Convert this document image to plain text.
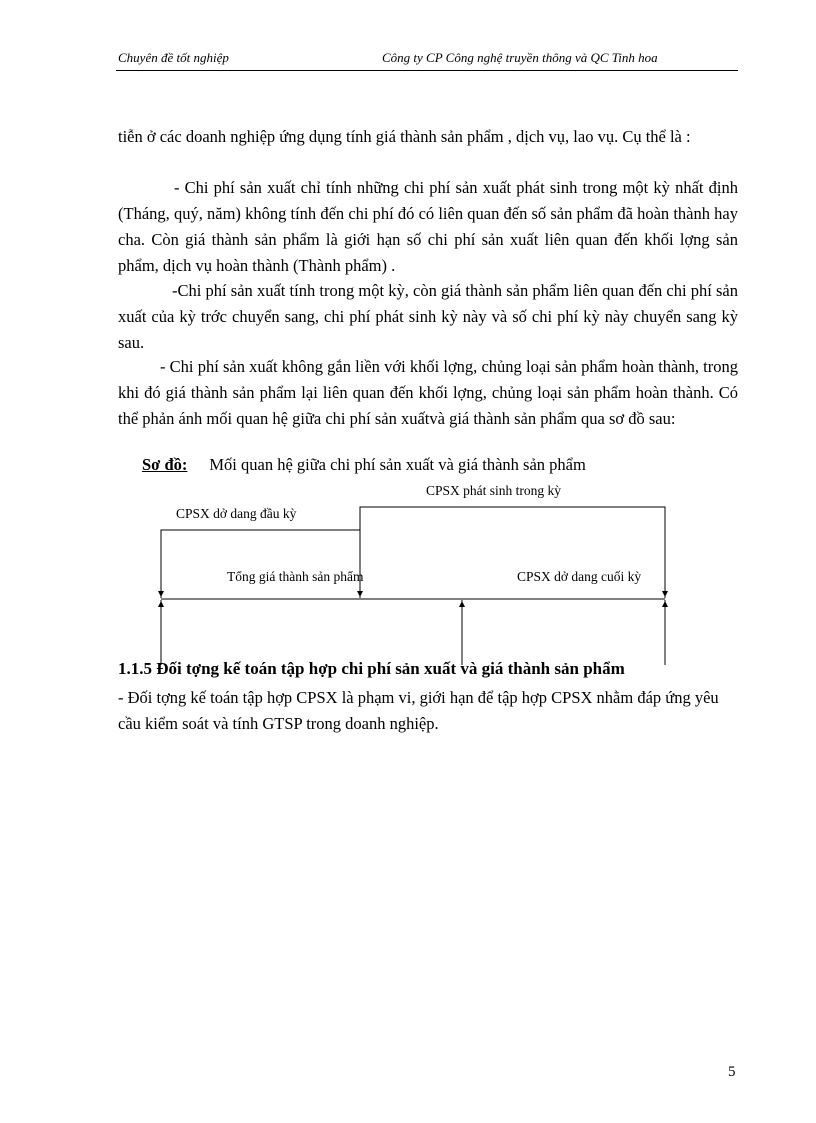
Chuyên đề tốt nghiệp	Công ty CP Công nghệ truyền thông và QC Tinh hoa

tiễn ở các doanh nghiệp ứng dụng tính giá thành sản phẩm , dịch vụ, lao vụ. Cụ thể là :

- Chi phí sản xuất chỉ tính những chi phí sản xuất phát sinh trong một kỳ nhất định (Tháng, quý, năm) không tính đến chi phí đó có liên quan đến số sản phẩm đã hoàn thành hay cha. Còn giá thành sản phẩm là giới hạn số chi phí sản xuất liên quan đến khối lợng sản phẩm, dịch vụ hoàn thành (Thành phẩm) .

-Chi phí sản xuất tính trong một kỳ, còn giá thành sản phẩm liên quan đến chi phí sản xuất của kỳ trớc chuyển sang, chi phí phát sinh kỳ này và số chi phí kỳ này chuyển sang kỳ sau.

- Chi phí sản xuất không gắn liền với khối lợng, chủng loại sản phẩm hoàn thành, trong khi đó giá thành sản phẩm lại liên quan đến khối lợng, chủng loại sản phẩm hoàn thành. Có thể phản ánh mối quan hệ giữa chi phí sản xuấtvà giá thành sản phẩm qua sơ đồ sau:

Sơ đồ: Mối quan hệ giữa chi phí sản xuất và giá thành sản phẩm
CPSX phát sinh trong kỳ
CPSX dở dang đầu kỳ
Tổng giá thành sản phẩm	CPSX dở dang cuối kỳ
1.1.5 Đối tợng kế toán tập hợp chi phí sản xuất và giá thành sản phẩm

- Đối tợng kế toán tập hợp CPSX là phạm vi, giới hạn để tập hợp CPSX nhằm đáp ứng yêu cầu kiểm soát và tính GTSP trong doanh nghiệp.

5
